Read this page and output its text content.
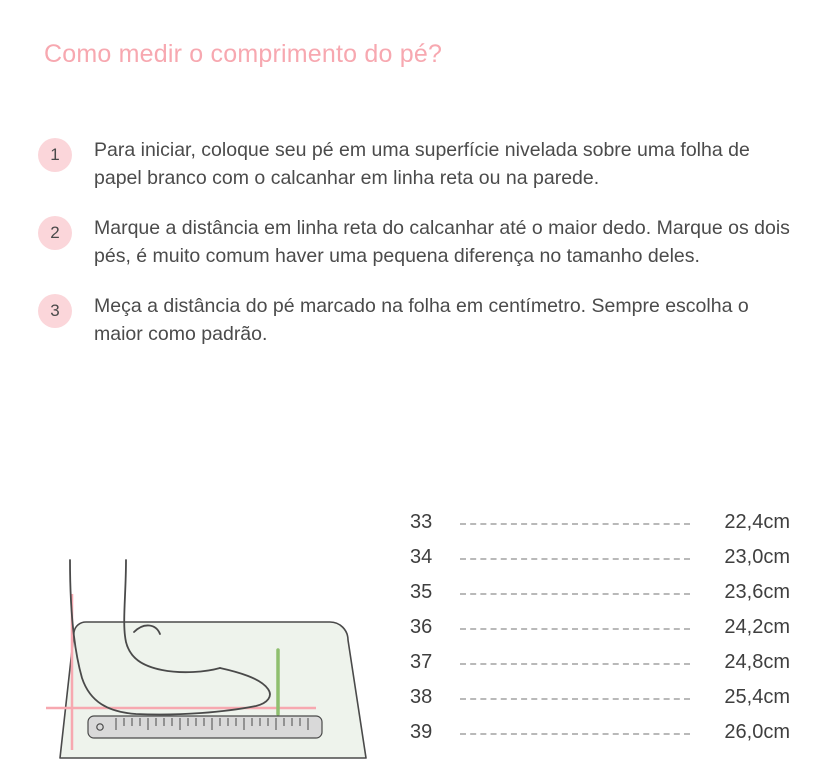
Como medir o comprimento do pé?
1	Para iniciar, coloque seu pé em uma superfície nivelada sobre uma folha de papel branco com o calcanhar em linha reta ou na parede.
2	Marque a distância em linha reta do calcanhar até o maior dedo. Marque os dois pés, é muito comum haver uma pequena diferença no tamanho deles.
3	Meça a distância do pé marcado na folha em centímetro. Sempre escolha o maior como padrão.
33	22,4cm
34	23,0cm
35	23,6cm
36	24,2cm
37	24,8cm
38	25,4cm
39	26,0cm
